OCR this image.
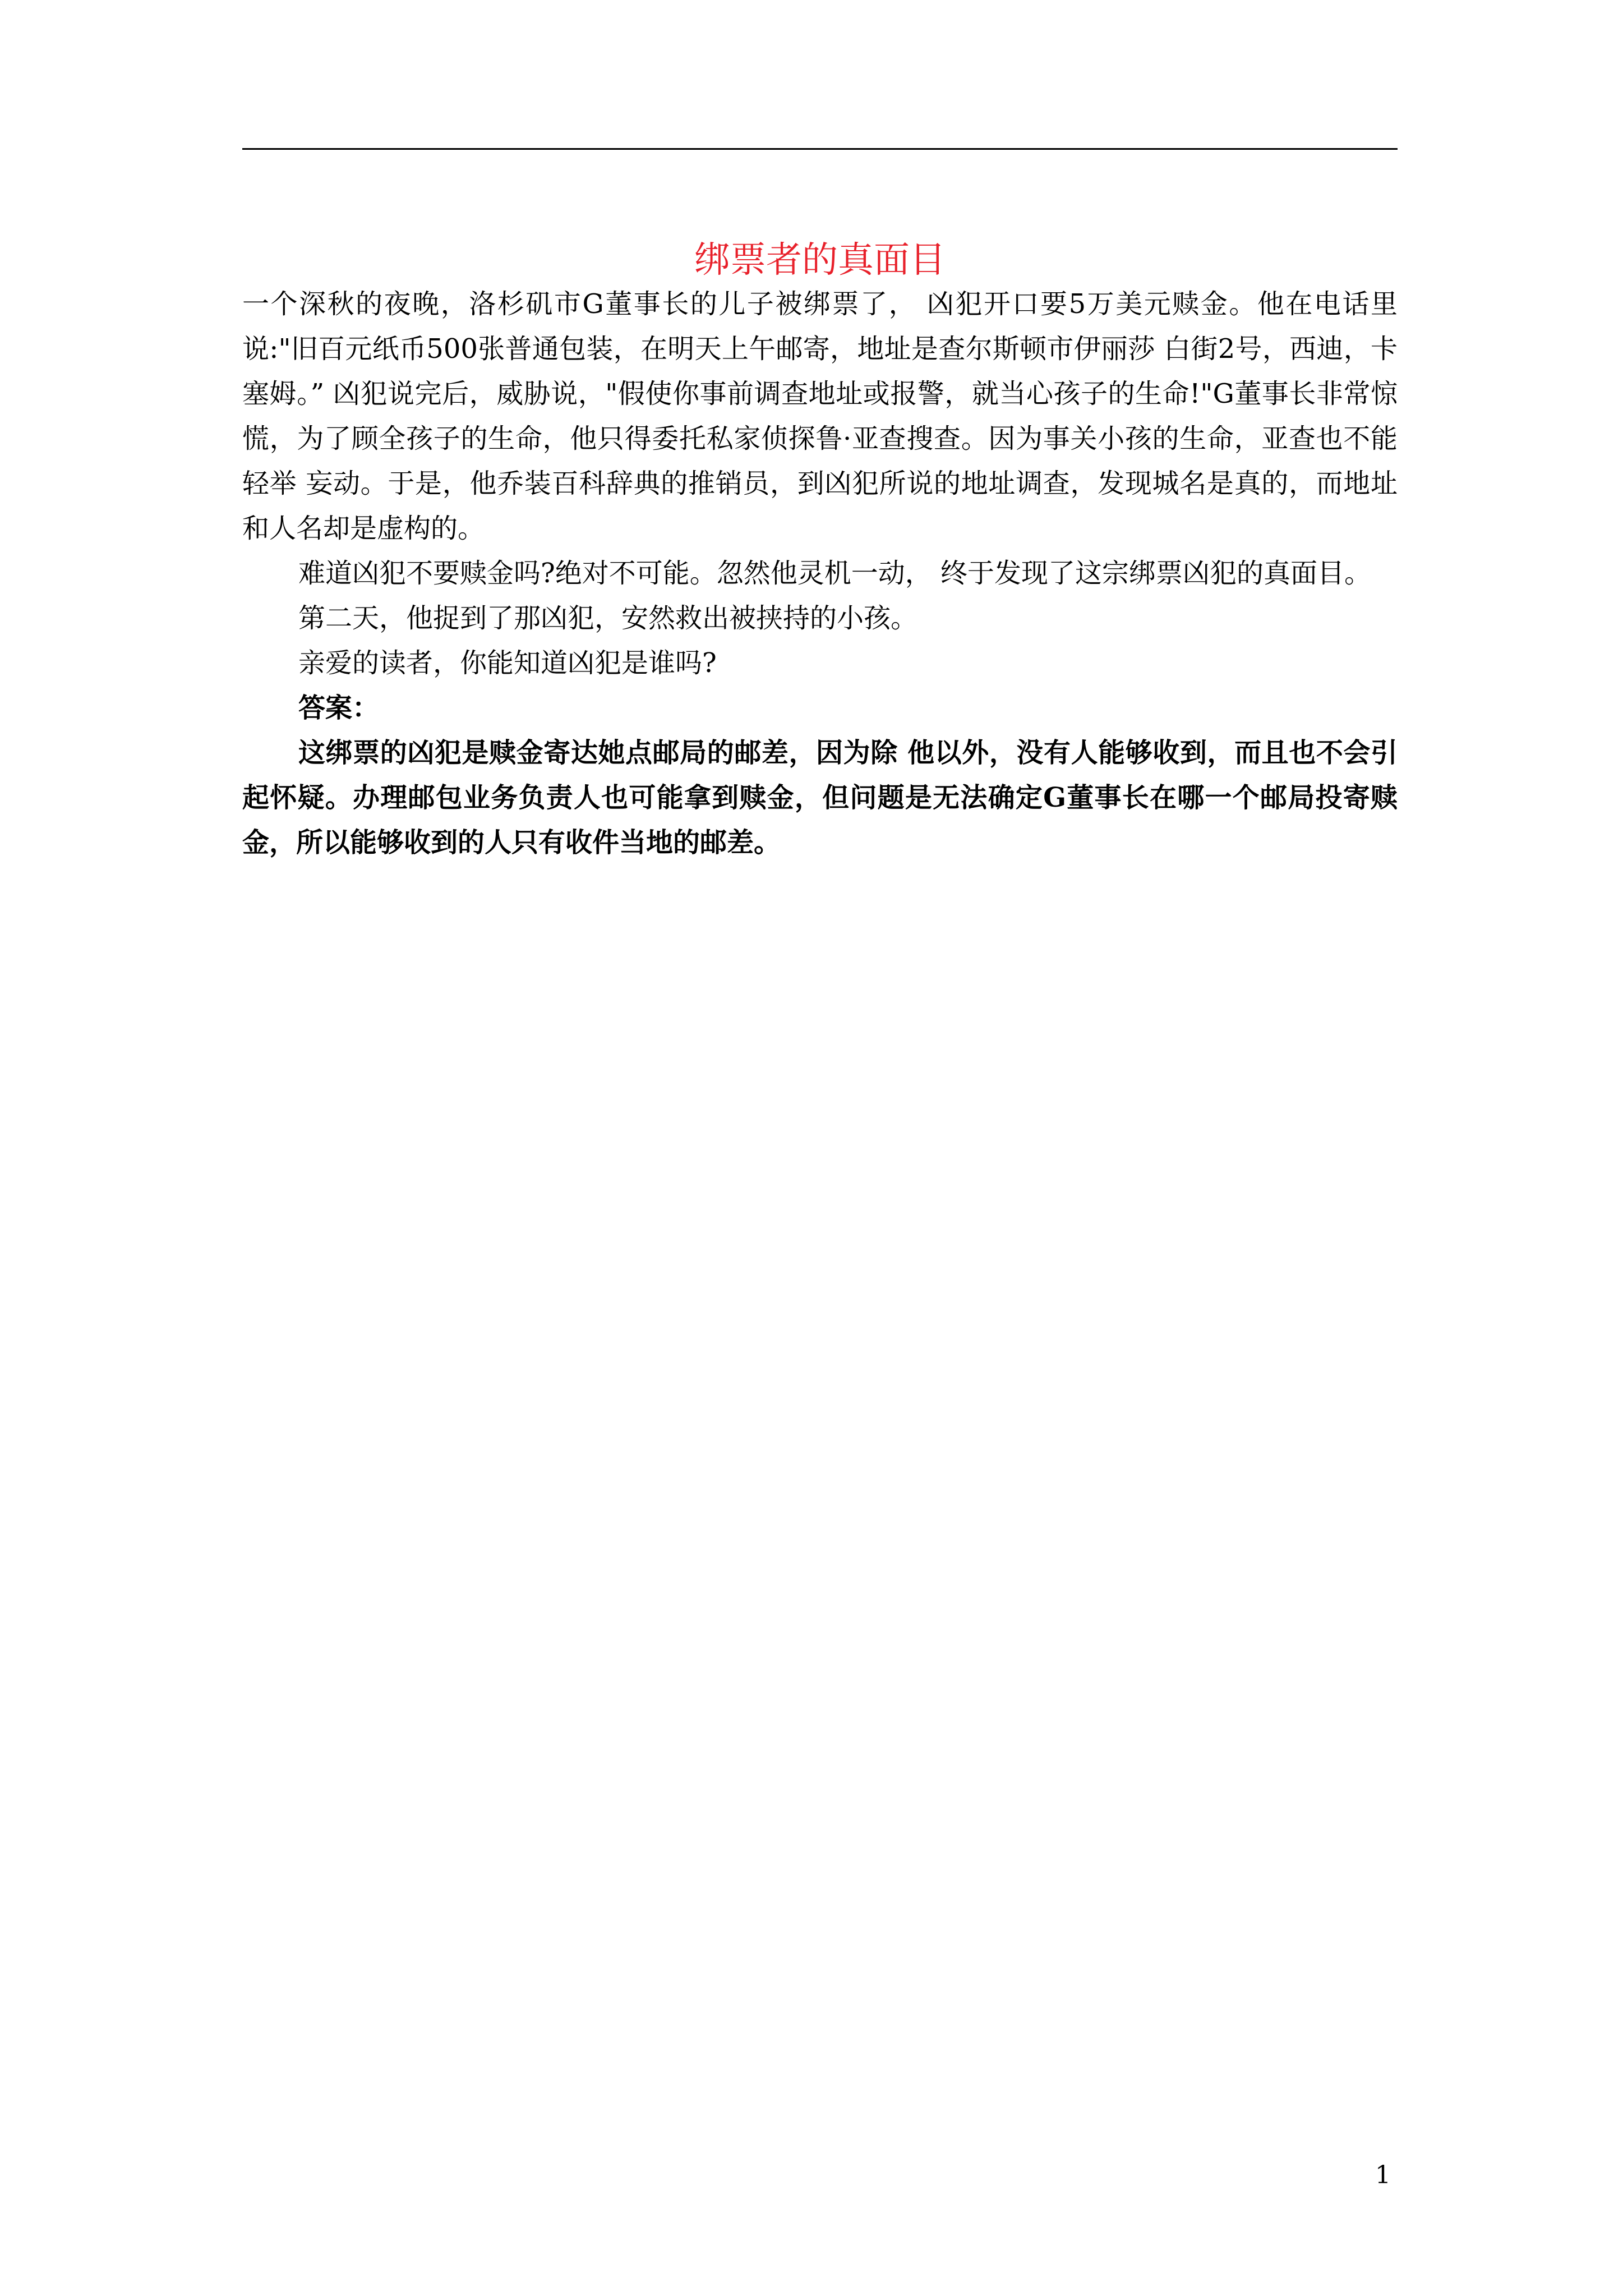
绑票者的真面目

一个深秋的夜晚，洛杉矶市G董事长的儿子被绑票了， 凶犯开口要5万美元赎金。他在电话里说:"旧百元纸币500张普通包装，在明天上午邮寄，地址是查尔斯顿市伊丽莎 白街2号，西迪，卡塞姆。” 凶犯说完后，威胁说，"假使你事前调查地址或报警，就当心孩子的生命!"G董事长非常惊慌，为了顾全孩子的生命，他只得委托私家侦探鲁·亚查搜查。因为事关小孩的生命，亚查也不能轻举 妄动。于是，他乔装百科辞典的推销员，到凶犯所说的地址调查，发现城名是真的，而地址和人名却是虚构的。

难道凶犯不要赎金吗?绝对不可能。忽然他灵机一动， 终于发现了这宗绑票凶犯的真面目。

第二天，他捉到了那凶犯，安然救出被挟持的小孩。

亲爱的读者，你能知道凶犯是谁吗?

答案：

这绑票的凶犯是赎金寄达她点邮局的邮差，因为除 他以外，没有人能够收到，而且也不会引起怀疑。办理邮包业务负责人也可能拿到赎金，但问题是无法确定G董事长在哪一个邮局投寄赎金，所以能够收到的人只有收件当地的邮差。

1
